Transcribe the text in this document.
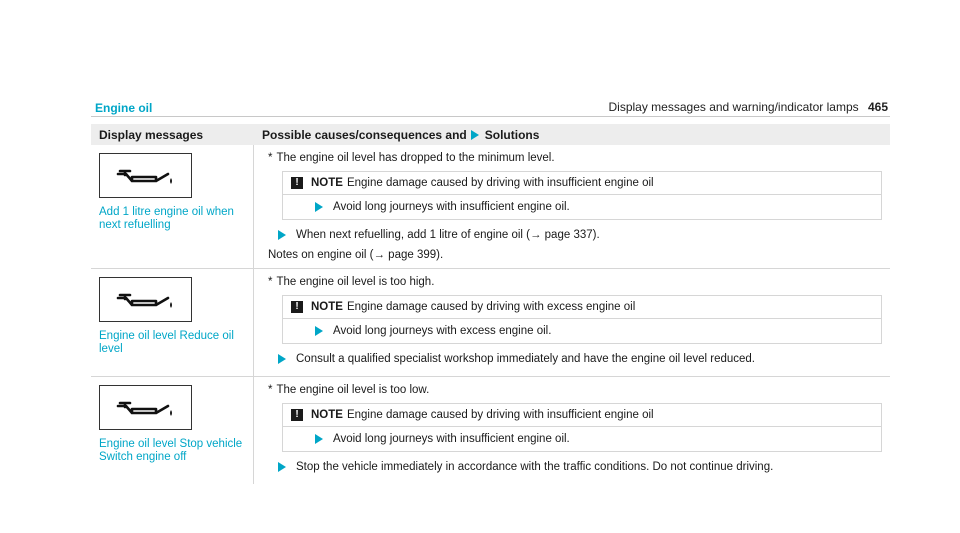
Display messages and warning/indicator lamps 465
Engine oil
Display messages	Possible causes/consequences and Solutions
Add 1 litre engine oil when next refuelling
* The engine oil level has dropped to the minimum level.
!	NOTE Engine damage caused by driving with insufficient engine oil
Avoid long journeys with insufficient engine oil.
When next refuelling, add 1 litre of engine oil (→ page 337).
Notes on engine oil (→ page 399).
Engine oil level Reduce oil level
* The engine oil level is too high.
!	NOTE Engine damage caused by driving with excess engine oil
Avoid long journeys with excess engine oil.
Consult a qualified specialist workshop immediately and have the engine oil level reduced.
Engine oil level Stop vehicle Switch engine off
* The engine oil level is too low.
!	NOTE Engine damage caused by driving with insufficient engine oil
Avoid long journeys with insufficient engine oil.
Stop the vehicle immediately in accordance with the traffic conditions. Do not continue driving.
